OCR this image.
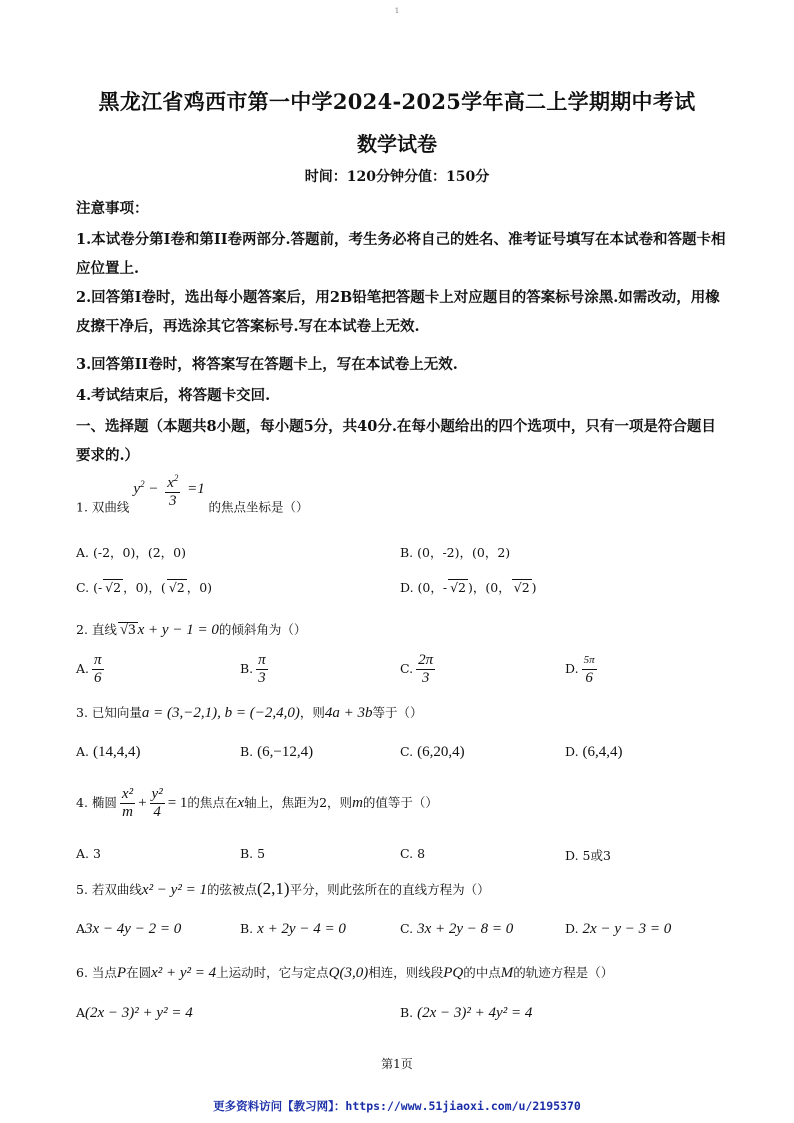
1
黑龙江省鸡西市第一中学2024-2025学年高二上学期期中考试
数学试卷
时间：120分钟分值：150分
注意事项：
1.本试卷分第I卷和第II卷两部分.答题前，考生务必将自己的姓名、准考证号填写在本试卷和答题卡相应位置上.
2.回答第I卷时，选出每小题答案后，用2B铅笔把答题卡上对应题目的答案标号涂黑.如需改动，用橡皮擦干净后，再选涂其它答案标号.写在本试卷上无效.
3.回答第II卷时，将答案写在答题卡上，写在本试卷上无效.
4.考试结束后，将答题卡交回.
一、选择题（本题共8小题，每小题5分，共40分.在每小题给出的四个选项中，只有一项是符合题目要求的.）
1. 双曲线 $y^2 - \frac{x^2}{3} =1$ 的焦点坐标是（）
A. (-2，0)，(2，0)	B. (0，-2)，(0，2)
C. (- √2 ，0)，( √2 ，0)	D. (0，- √2 )，(0， √2 )
2. 直线 √3 x + y − 1 = 0的倾斜角为（）
A. $\frac{\pi}{6}$	B. $\frac{\pi}{3}$	C. $\frac{2\pi}{3}$	D. $\frac{5\pi}{6}$
3. 已知向量a = (3,−2,1), b = (−2,4,0)，则4a + 3b等于（）
A. (14,4,4)	B. (6,−12,4)	C. (6,20,4)	D. (6,4,4)
4. 椭圆 $\frac{\text{x²}}{m} + \frac{\text{y²}}{4} = 1$的焦点在x轴上，焦距为2，则m的值等于（）
A. 3	B. 5	C. 8	D. 5或3
5. 若双曲线x² − y² = 1的弦被点(2,1)平分，则此弦所在的直线方程为（）
A3x − 4y − 2 = 0	B. x + 2y − 4 = 0	C. 3x + 2y − 8 = 0	D. 2x − y − 3 = 0
6. 当点P在圆x² + y² = 4上运动时，它与定点Q(3,0)相连，则线段PQ的中点M的轨迹方程是（）
A(2x − 3)² + y² = 4	B. (2x − 3)² + 4y² = 4
第1页
更多资料访问【教习网】：https://www.51jiaoxi.com/u/2195370
